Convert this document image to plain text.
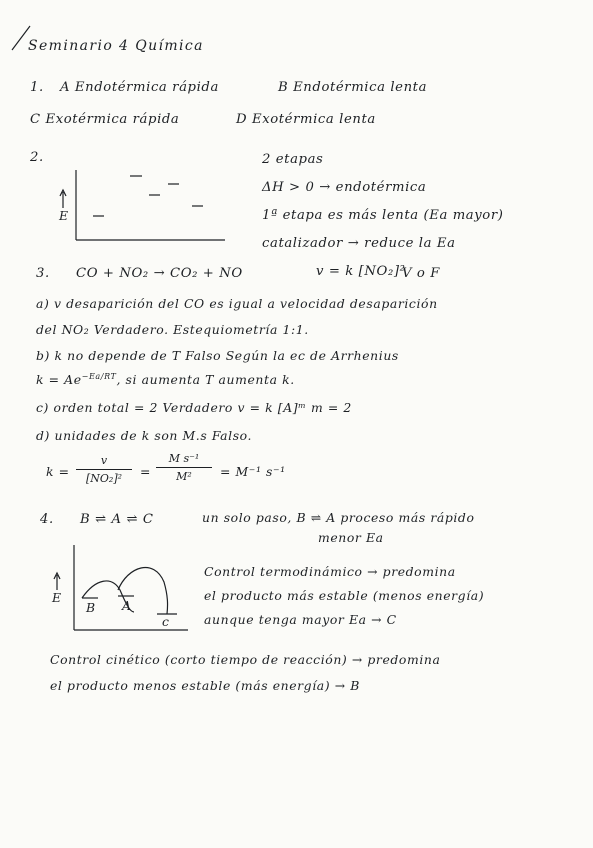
Seminario 4 Química
1. A Endotérmica rápida	B Endotérmica lenta
C Exotérmica rápida	D Exotérmica lenta
2.
E
2 etapas
ΔH > 0 → endotérmica
1ª etapa es más lenta (Ea mayor)
catalizador → reduce la Ea
3. CO + NO₂ → CO₂ + NO	v = k [NO₂]²
V o F
a) v desaparición del CO es igual a velocidad desaparición
del NO₂ Verdadero. Estequiometría 1:1.
b) k no depende de T Falso Según la ec de Arrhenius
$k = Ae^{-Ea/RT}$, si aumenta T aumenta k.
c) orden total = 2 Verdadero v = k [A]ᵐ m = 2
d) unidades de k son M.s Falso.
k =
v
[NO₂]²	=
M s⁻¹
M²	= M⁻¹ s⁻¹
4. B ⇌ A ⇌ C	un solo paso, B ⇌ A proceso más rápido
menor Ea
E
B A
c
Control termodinámico → predomina
el producto más estable (menos energía)
aunque tenga mayor Ea → C
Control cinético (corto tiempo de reacción) → predomina
el producto menos estable (más energía) → B
